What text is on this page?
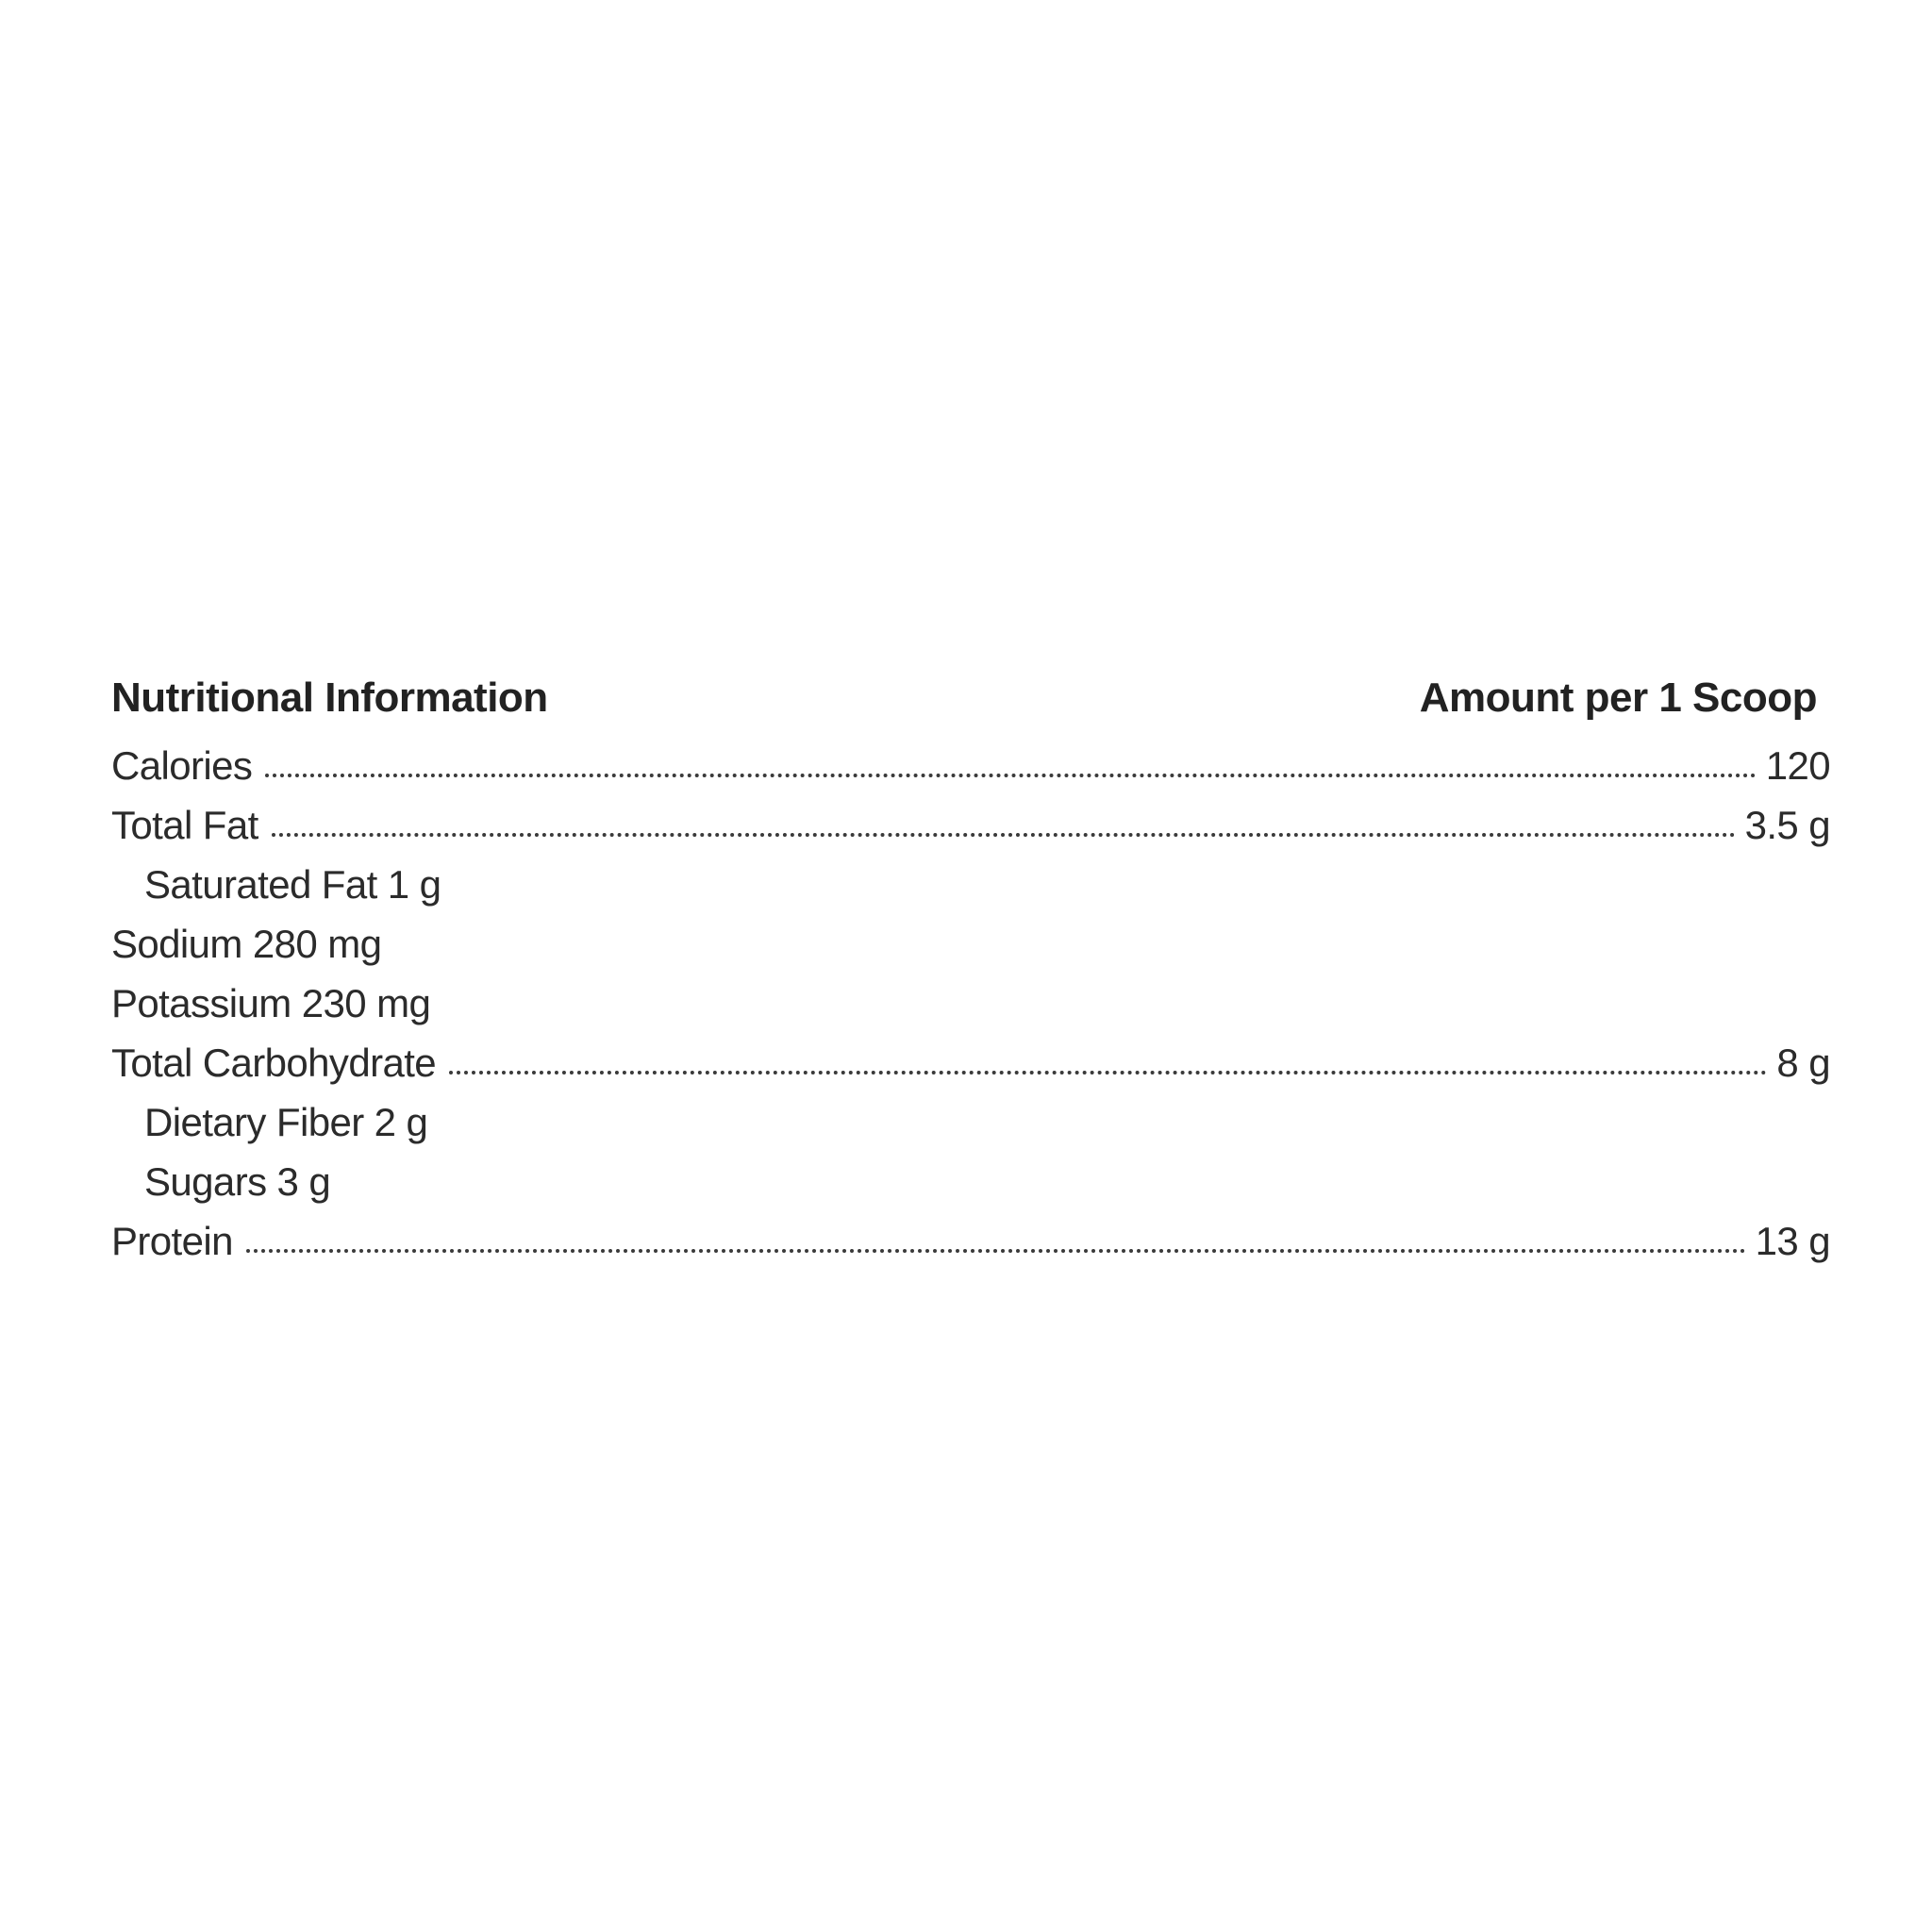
Nutritional Information	Amount per 1 Scoop
Calories	120
Total Fat	3.5 g
Saturated Fat 1 g
Sodium 280 mg
Potassium 230 mg
Total Carbohydrate	8 g
Dietary Fiber 2 g
Sugars 3 g
Protein	13 g
